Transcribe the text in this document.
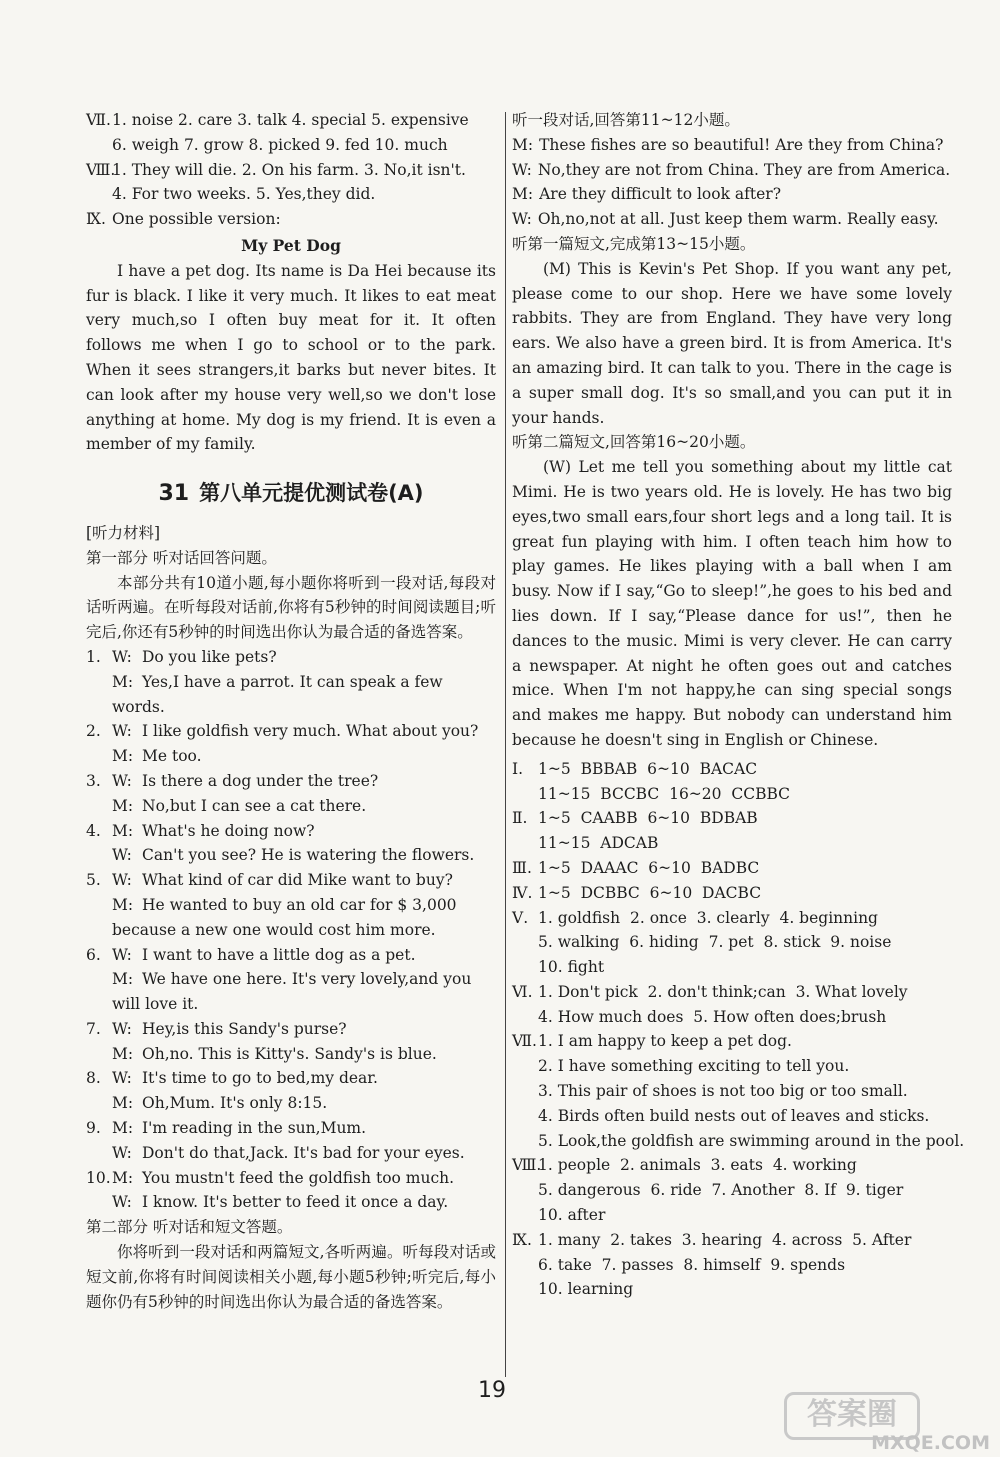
Ⅶ. 1. noise 2. care 3. talk 4. special 5. expensive
6. weigh 7. grow 8. picked 9. fed 10. much
Ⅷ.
1. They will die. 2. On his farm. 3. No,it isn't.
4. For two weeks. 5. Yes,they did.
Ⅸ. One possible version:
My Pet Dog

I have a pet dog. Its name is Da Hei because its fur is black. I like it very much. It likes to eat meat very much,so I often buy meat for it. It often follows me when I go to school or to the park. When it sees strangers,it barks but never bites. It can look after my house very well,so we don't lose anything at home. My dog is my friend. It is even a member of my family.

31 第八单元提优测试卷(A)
[听力材料]
第一部分 听对话回答问题。

本部分共有10道小题,每小题你将听到一段对话,每段对话听两遍。在听每段对话前,你将有5秒钟的时间阅读题目;听完后,你还有5秒钟的时间选出你认为最合适的备选答案。

1. W: Do you like pets?
M: Yes,I have a parrot. It can speak a few words.
2. W: I like goldfish very much. What about you?
M: Me too.
3. W: Is there a dog under the tree?
M: No,but I can see a cat there.
4. M: What's he doing now?
W: Can't you see? He is watering the flowers.
5. W: What kind of car did Mike want to buy?
M: He wanted to buy an old car for $ 3,000 because a new one would cost him more.
6. W: I want to have a little dog as a pet.
M: We have one here. It's very lovely,and you will love it.
7. W: Hey,is this Sandy's purse?
M: Oh,no. This is Kitty's. Sandy's is blue.
8. W: It's time to go to bed,my dear.
M: Oh,Mum. It's only 8:15.
9. M: I'm reading in the sun,Mum.
W: Don't do that,Jack. It's bad for your eyes.
10. M: You mustn't feed the goldfish too much.
W: I know. It's better to feed it once a day.
第二部分 听对话和短文答题。

你将听到一段对话和两篇短文,各听两遍。听每段对话或短文前,你将有时间阅读相关小题,每小题5秒钟;听完后,每小题你仍有5秒钟的时间选出你认为最合适的备选答案。

听一段对话,回答第11~12小题。
M: These fishes are so beautiful! Are they from China?
W: No,they are not from China. They are from America.
M: Are they difficult to look after?
W: Oh,no,not at all. Just keep them warm. Really easy.
听第一篇短文,完成第13~15小题。

(M) This is Kevin's Pet Shop. If you want any pet, please come to our shop. Here we have some lovely rabbits. They are from England. They have very long ears. We also have a green bird. It is from America. It's an amazing bird. It can talk to you. There in the cage is a super small dog. It's so small,and you can put it in your hands.

听第二篇短文,回答第16~20小题。

(W) Let me tell you something about my little cat Mimi. He is two years old. He is lovely. He has two big eyes,two small ears,four short legs and a long tail. It is great fun playing with him. I often teach him how to play games. He likes playing with a ball when I am busy. Now if I say,“Go to sleep!”,he goes to his bed and lies down. If I say,“Please dance for us!”, then he dances to the music. Mimi is very clever. He can carry a newspaper. At night he often goes out and catches mice. When I'm not happy,he can sing special songs and makes me happy. But nobody can understand him because he doesn't sing in English or Chinese.

Ⅰ. 1~5  BBBAB  6~10  BACAC
11~15  BCCBC  16~20  CCBBC
Ⅱ. 1~5  CAABB  6~10  BDBAB
11~15  ADCAB
Ⅲ. 1~5  DAAAC  6~10  BADBC
Ⅳ. 1~5  DCBBC  6~10  DACBC
Ⅴ. 1. goldfish  2. once  3. clearly  4. beginning
5. walking  6. hiding  7. pet  8. stick  9. noise
10. fight
Ⅵ. 1. Don't pick  2. don't think;can  3. What lovely
4. How much does  5. How often does;brush
Ⅶ. 1. I am happy to keep a pet dog.
2. I have something exciting to tell you.
3. This pair of shoes is not too big or too small.
4. Birds often build nests out of leaves and sticks.
5. Look,the goldfish are swimming around in the pool.
Ⅷ.
1. people  2. animals  3. eats  4. working
5. dangerous  6. ride  7. Another  8. If  9. tiger
10. after
Ⅸ. 1. many  2. takes  3. hearing  4. across  5. After
6. take  7. passes  8. himself  9. spends
10. learning
19
答案圈
MXQE.COM
